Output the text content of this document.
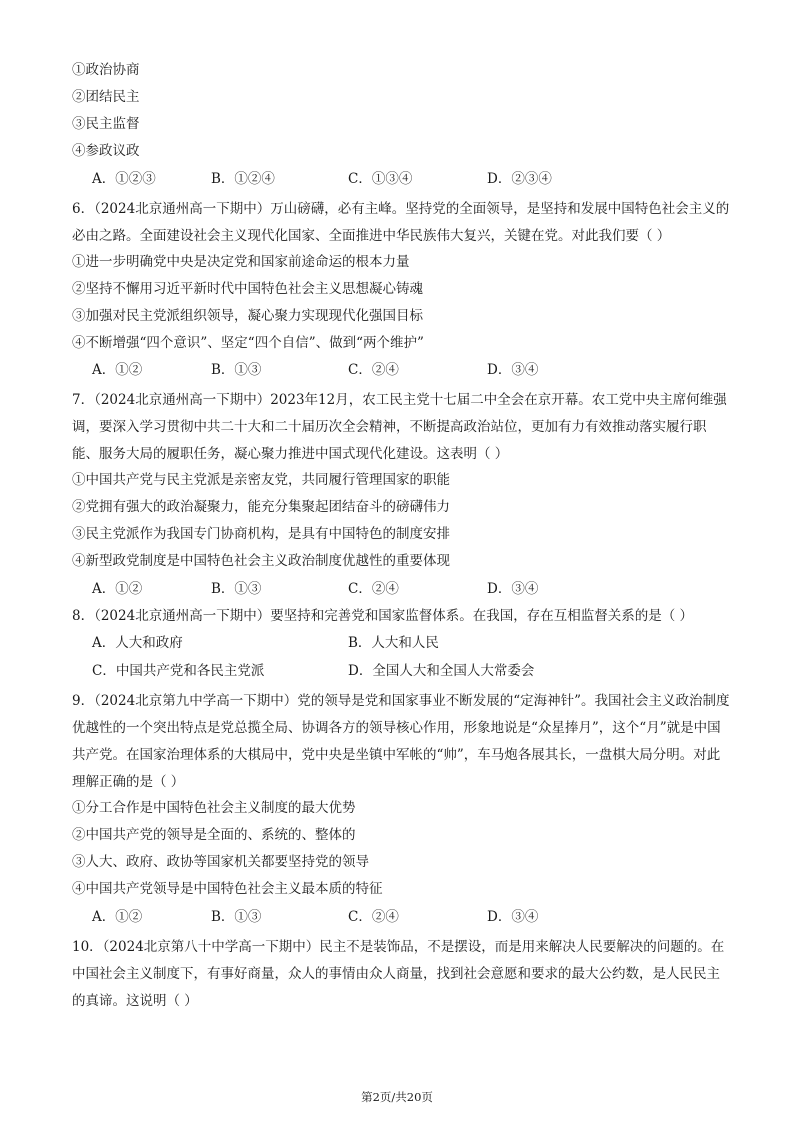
①政治协商
②团结民主
③民主监督
④参政议政
A．①②③	B．①②④	C．①③④	D．②③④
6．（2024北京通州高一下期中）万山磅礴，必有主峰。坚持党的全面领导，是坚持和发展中国特色社会主义的必由之路。全面建设社会主义现代化国家、全面推进中华民族伟大复兴，关键在党。对此我们要（ ）
①进一步明确党中央是决定党和国家前途命运的根本力量
②坚持不懈用习近平新时代中国特色社会主义思想凝心铸魂
③加强对民主党派组织领导，凝心聚力实现现代化强国目标
④不断增强“四个意识”、坚定“四个自信”、做到“两个维护”
A．①②	B．①③	C．②④	D．③④
7．（2024北京通州高一下期中）2023年12月，农工民主党十七届二中全会在京开幕。农工党中央主席何维强调，要深入学习贯彻中共二十大和二十届历次全会精神，不断提高政治站位，更加有力有效推动落实履行职能、服务大局的履职任务，凝心聚力推进中国式现代化建设。这表明（ ）
①中国共产党与民主党派是亲密友党，共同履行管理国家的职能
②党拥有强大的政治凝聚力，能充分集聚起团结奋斗的磅礴伟力
③民主党派作为我国专门协商机构，是具有中国特色的制度安排
④新型政党制度是中国特色社会主义政治制度优越性的重要体现
A．①②	B．①③	C．②④	D．③④
8．（2024北京通州高一下期中）要坚持和完善党和国家监督体系。在我国，存在互相监督关系的是（ ）
A．人大和政府	B．人大和人民
C．中国共产党和各民主党派	D．全国人大和全国人大常委会
9．（2024北京第九中学高一下期中）党的领导是党和国家事业不断发展的“定海神针”。我国社会主义政治制度优越性的一个突出特点是党总揽全局、协调各方的领导核心作用，形象地说是“众星捧月”，这个“月”就是中国共产党。在国家治理体系的大棋局中，党中央是坐镇中军帐的“帅”，车马炮各展其长，一盘棋大局分明。对此理解正确的是（ ）
①分工合作是中国特色社会主义制度的最大优势
②中国共产党的领导是全面的、系统的、整体的
③人大、政府、政协等国家机关都要坚持党的领导
④中国共产党领导是中国特色社会主义最本质的特征
A．①②	B．①③	C．②④	D．③④
10．（2024北京第八十中学高一下期中）民主不是装饰品，不是摆设，而是用来解决人民要解决的问题的。在中国社会主义制度下，有事好商量，众人的事情由众人商量，找到社会意愿和要求的最大公约数，是人民民主的真谛。这说明（ ）
第2页/共20页
